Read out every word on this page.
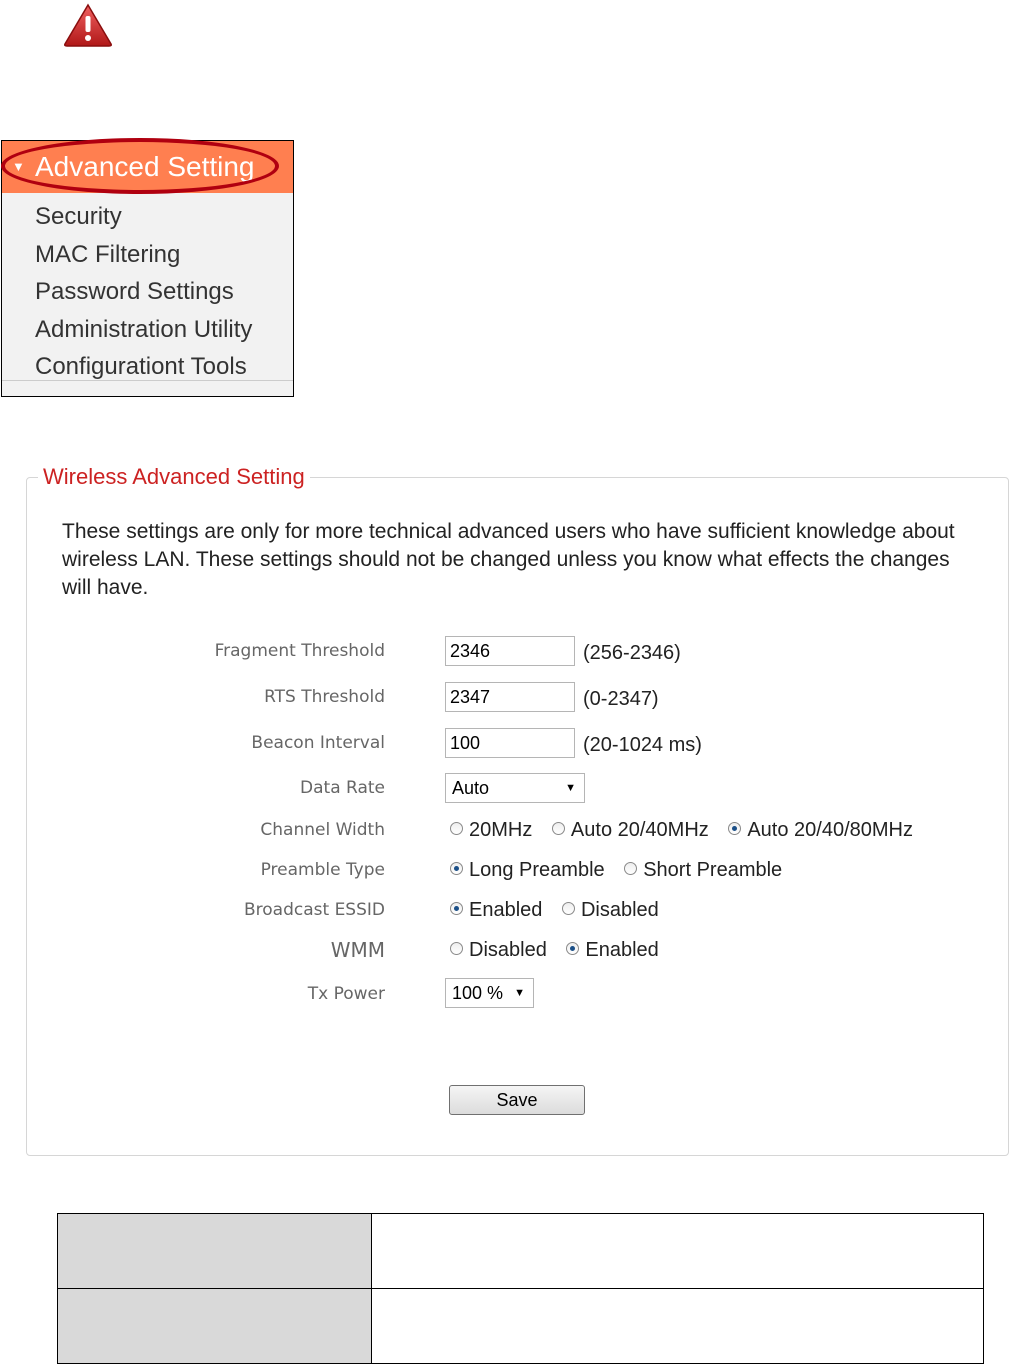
▼ Advanced Setting
Security
MAC Filtering
Password Settings
Administration Utility
Configurationt Tools
Wireless Advanced Setting
These settings are only for more technical advanced users who have sufficient knowledge about wireless LAN. These settings should not be changed unless you know what effects the changes will have.
Fragment Threshold	2346	(256-2346)
RTS Threshold	2347	(0-2347)
Beacon Interval	100	(20-1024 ms)
Data Rate	Auto	▼
Channel Width	20MHz Auto 20/40MHz Auto 20/40/80MHz
Preamble Type	Long Preamble Short Preamble
Broadcast ESSID	Enabled Disabled
WMM	Disabled Enabled
Tx Power	100 % ▼
Save
